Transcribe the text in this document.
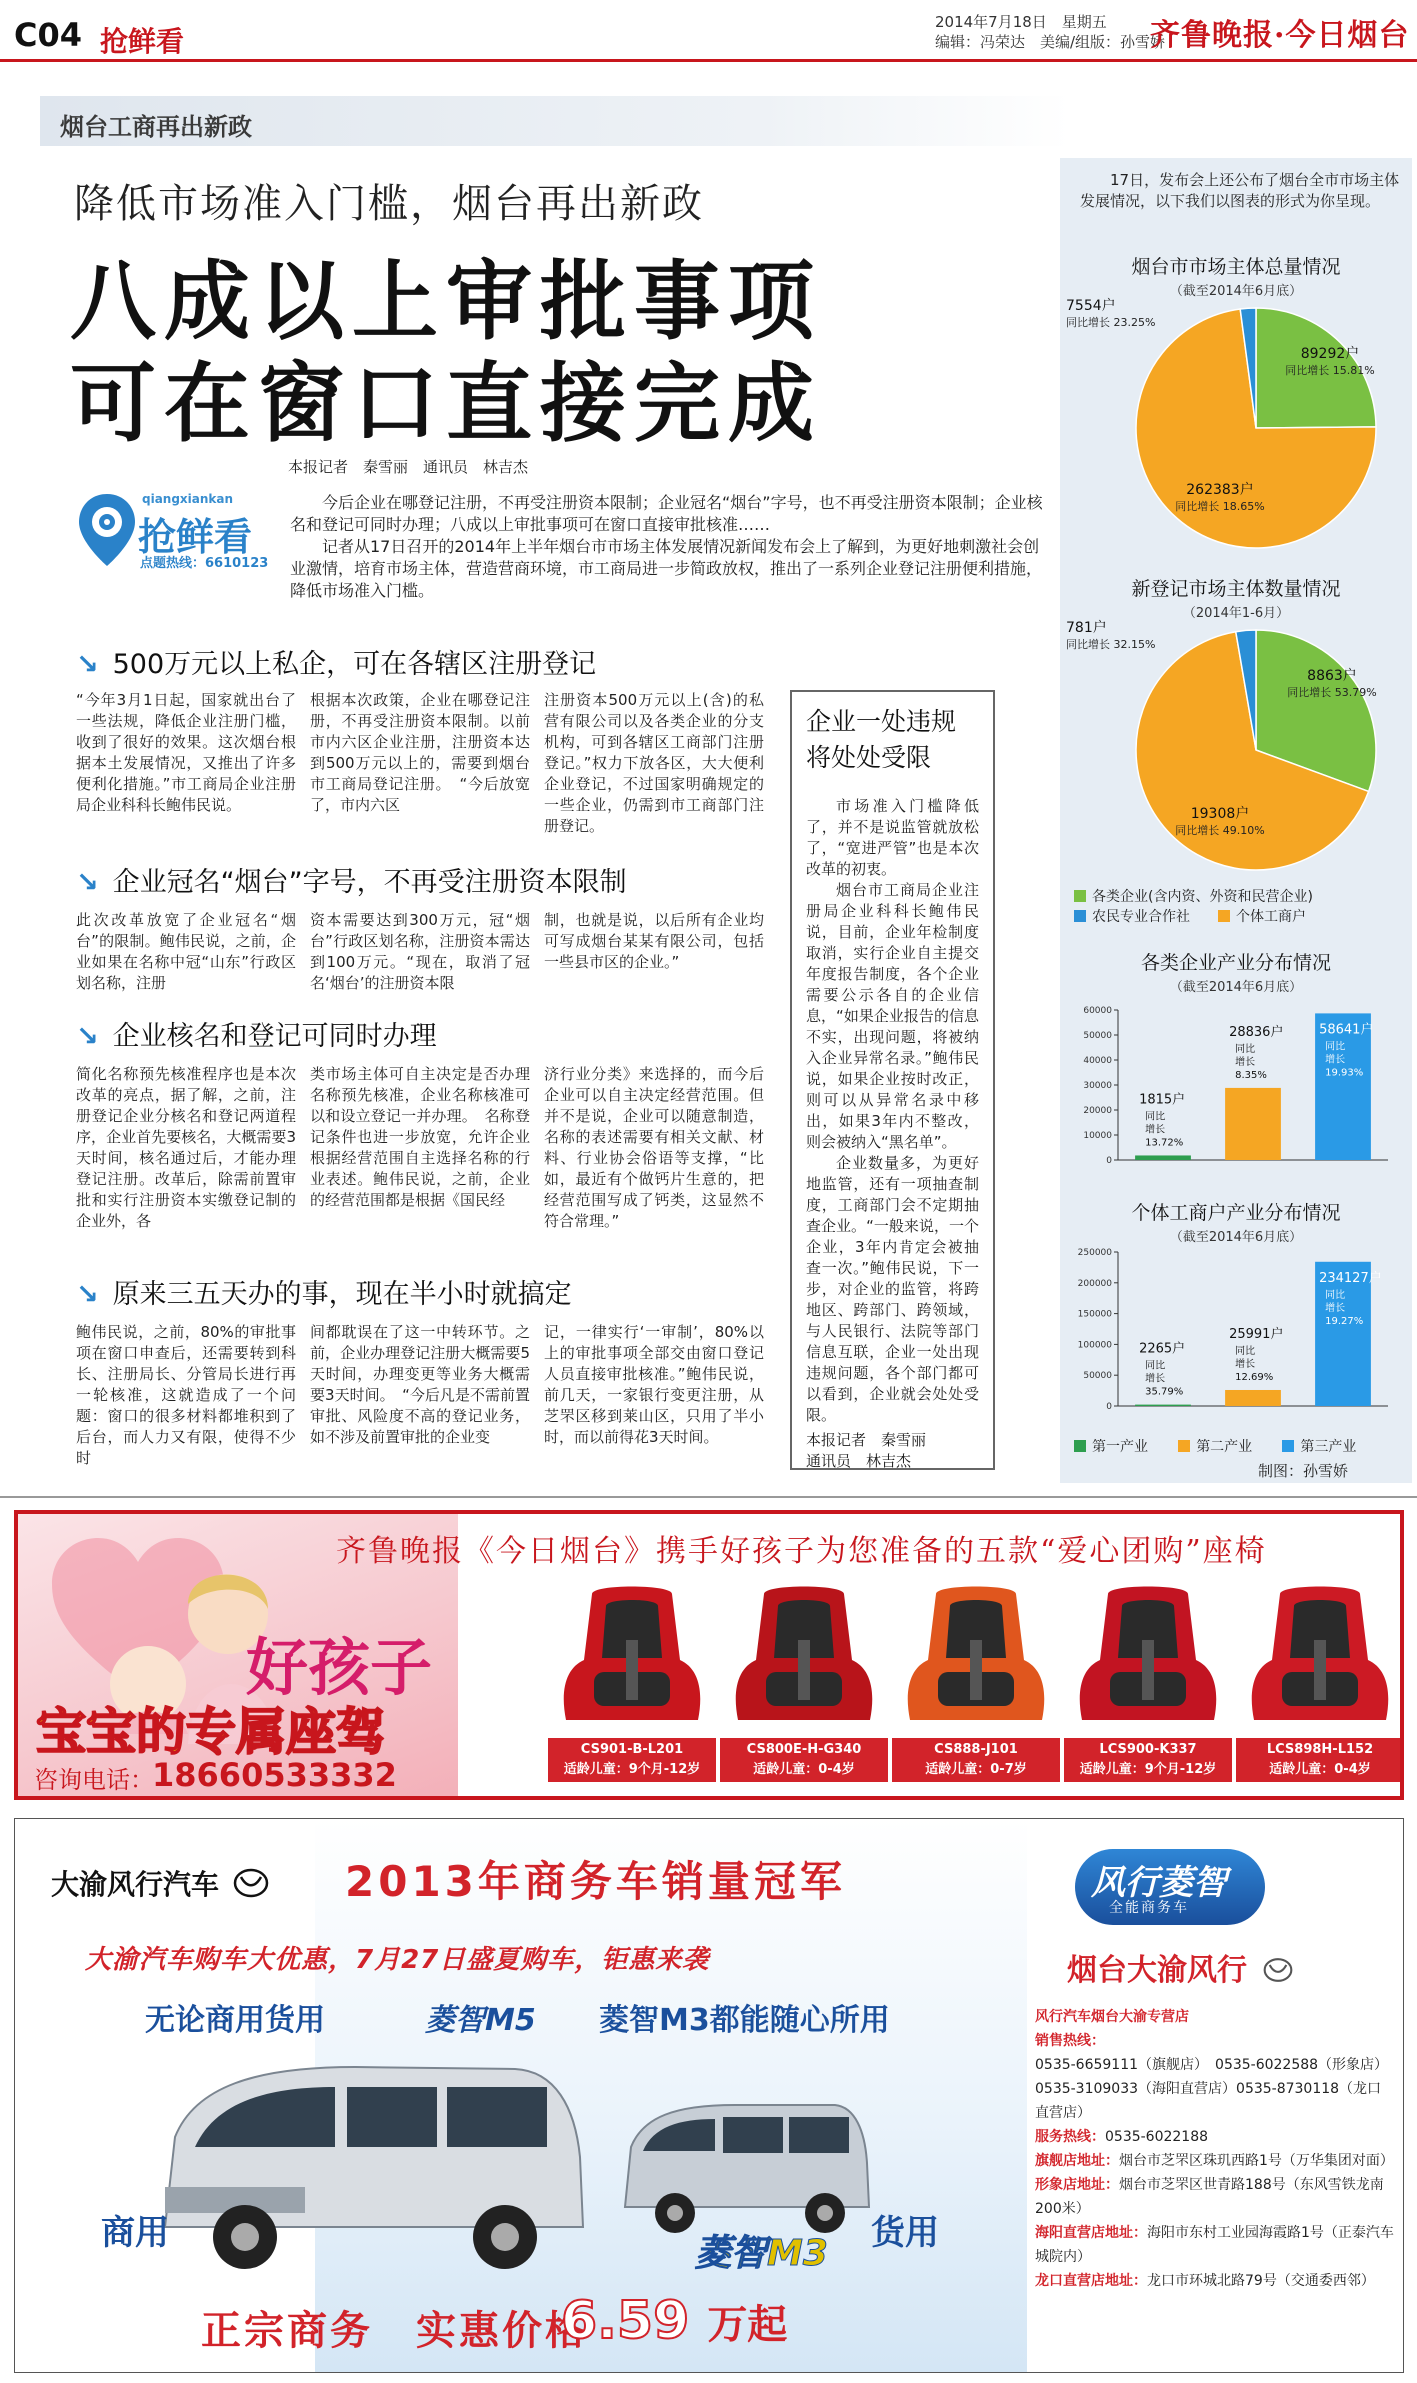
C04 抢鲜看
2014年7月18日　星期五
编辑：冯荣达　美编/组版：孙雪娇
齐鲁晚报·今日烟台
烟台工商再出新政
降低市场准入门槛，烟台再出新政
八成以上审批事项
可在窗口直接完成
本报记者　秦雪丽　通讯员　林吉杰
qiangxiankan
抢鲜看
点题热线：6610123

今后企业在哪登记注册，不再受注册资本限制；企业冠名“烟台”字号，也不再受注册资本限制；企业核名和登记可同时办理；八成以上审批事项可在窗口直接审批核准……

记者从17日召开的2014年上半年烟台市市场主体发展情况新闻发布会上了解到，为更好地刺激社会创业激情，培育市场主体，营造营商环境，市工商局进一步简政放权，推出了一系列企业登记注册便利措施，降低市场准入门槛。

↘ 500万元以上私企，可在各辖区注册登记
“今年3月1日起，国家就出台了一些法规，降低企业注册门槛，收到了很好的效果。这次烟台根据本土发展情况，又推出了许多便利化措施。”市工商局企业注册局企业科科长鲍伟民说。
根据本次政策，企业在哪登记注册，不再受注册资本限制。以前市内六区企业注册，注册资本达到500万元以上的，需要到烟台市工商局登记注册。　“今后放宽了，市内六区
注册资本500万元以上(含)的私营有限公司以及各类企业的分支机构，可到各辖区工商部门注册登记。”权力下放各区，大大便利企业登记，不过国家明确规定的一些企业，仍需到市工商部门注册登记。
↘ 企业冠名“烟台”字号，不再受注册资本限制
此次改革放宽了企业冠名“烟台”的限制。鲍伟民说，之前，企业如果在名称中冠“山东”行政区划名称，注册
资本需要达到300万元，冠“烟台”行政区划名称，注册资本需达到100万元。“现在，取消了冠名‘烟台’的注册资本限
制，也就是说，以后所有企业均可写成烟台某某有限公司，包括一些县市区的企业。”
↘ 企业核名和登记可同时办理
简化名称预先核准程序也是本次改革的亮点，据了解，之前，注册登记企业分核名和登记两道程序，企业首先要核名，大概需要3天时间，核名通过后，才能办理登记注册。改革后，除需前置审批和实行注册资本实缴登记制的企业外，各
类市场主体可自主决定是否办理名称预先核准，企业名称核准可以和设立登记一并办理。　名称登记条件也进一步放宽，允许企业根据经营范围自主选择名称的行业表述。鲍伟民说，之前，企业的经营范围都是根据《国民经
济行业分类》来选择的，而今后企业可以自主决定经营范围。但并不是说，企业可以随意制造，名称的表述需要有相关文献、材料、行业协会俗语等支撑，“比如，最近有个做钙片生意的，把经营范围写成了钙类，这显然不符合常理。”
↘ 原来三五天办的事，现在半小时就搞定
鲍伟民说，之前，80%的审批事项在窗口申查后，还需要转到科长、注册局长、分管局长进行再一轮核准，这就造成了一个问题：窗口的很多材料都堆积到了后台，而人力又有限，使得不少时
间都耽误在了这一中转环节。之前，企业办理登记注册大概需要5天时间，办理变更等业务大概需要3天时间。　“今后凡是不需前置审批、风险度不高的登记业务，如不涉及前置审批的企业变
记，一律实行‘一审制’，80%以上的审批事项全部交由窗口登记人员直接审批核准。”鲍伟民说，前几天，一家银行变更注册，从芝罘区移到莱山区，只用了半小时，而以前得花3天时间。
企业一处违规将处处受限

市场准入门槛降低了，并不是说监管就放松了，“宽进严管”也是本次改革的初衷。

烟台市工商局企业注册局企业科科长鲍伟民说，目前，企业年检制度取消，实行企业自主提交年度报告制度，各个企业需要公示各自的企业信息，“如果企业报告的信息不实，出现问题，将被纳入企业异常名录。”鲍伟民说，如果企业按时改正，则可以从异常名录中移出，如果3年内不整改，则会被纳入“黑名单”。

企业数量多，为更好地监管，还有一项抽查制度，工商部门会不定期抽查企业。“一般来说，一个企业，3年内肯定会被抽查一次。”鲍伟民说，下一步，对企业的监管，将跨地区、跨部门、跨领域，与人民银行、法院等部门信息互联，企业一处出现违规问题，各个部门都可以看到，企业就会处处受限。

本报记者　秦雪丽
通讯员　林吉杰
17日，发布会上还公布了烟台全市市场主体发展情况，以下我们以图表的形式为你呈现。
烟台市市场主体总量情况
（截至2014年6月底）
89292户
同比增长 15.81%
262383户
同比增长 18.65%
7554户
同比增长 23.25%
新登记市场主体数量情况
（2014年1-6月）
8863户
同比增长 53.79%
19308户
同比增长 49.10%
781户
同比增长 32.15%
各类企业(含内资、外资和民营企业)
农民专业合作社	个体工商户
各类企业产业分布情况
（截至2014年6月底）
0
10000
20000
30000
40000
50000
60000
1815户
同比
增长
13.72%
28836户
同比
增长
8.35%
58641户
同比
增长
19.93%
个体工商户产业分布情况
（截至2014年6月底）
0
50000
100000
150000
200000
250000
2265户
同比
增长
35.79%
25991户
同比
增长
12.69%
234127户
同比
增长
19.27%
第一产业	第二产业	第三产业
制图：孙雪娇
齐鲁晚报《今日烟台》携手好孩子为您准备的五款“爱心团购”座椅
好孩子
宝宝的专属座驾
咨询电话：
18660533332
CS901-B-L201
适龄儿童：9个月-12岁
CS800E-H-G340
适龄儿童：0-4岁
CS888-J101
适龄儿童：0-7岁
LCS900-K337
适龄儿童：9个月-12岁
LCS898H-L152
适龄儿童：0-4岁
大渝风行汽车	2013年商务车销量冠军
大渝汽车购车大优惠，7月27日盛夏购车，钜惠来袭
无论商用货用	菱智M5 菱智M3都能随心所用
商用	货用
菱智M3
正宗商务　实惠价格
6.59 万起
风行菱智
全能商务车
烟台大渝风行
风行汽车烟台大渝专营店
销售热线：
0535-6659111（旗舰店）　0535-6022588（形象店）
0535-3109033（海阳直营店）0535-8730118（龙口直营店）
服务热线：0535-6022188
旗舰店地址：烟台市芝罘区珠玑西路1号（万华集团对面）
形象店地址：烟台市芝罘区世青路188号（东风雪铁龙南200米）
海阳直营店地址：海阳市东村工业园海霞路1号（正泰汽车城院内）
龙口直营店地址：龙口市环城北路79号（交通委西邻）
